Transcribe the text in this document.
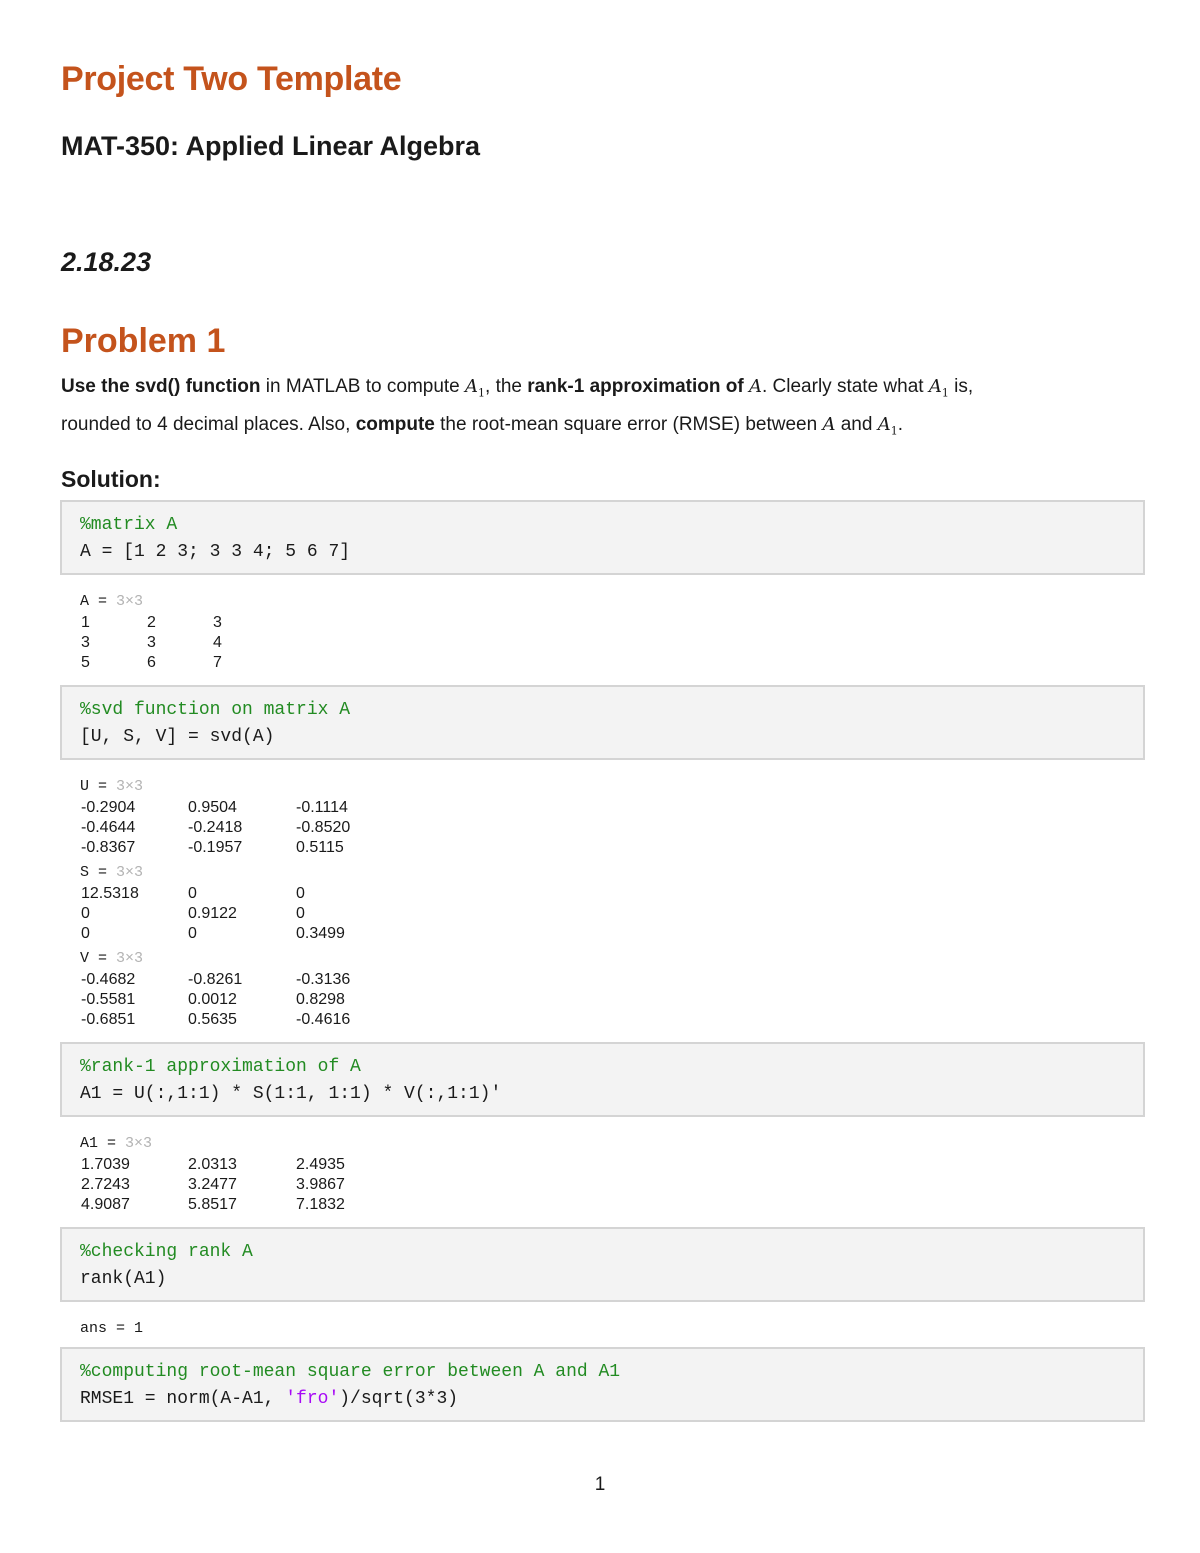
Project Two Template
MAT-350: Applied Linear Algebra
2.18.23
Problem 1

Use the svd() function in MATLAB to compute $A_1$, the rank-1 approximation of A. Clearly state what $A_1$ is,

rounded to 4 decimal places. Also, compute the root-mean square error (RMSE) between A and $A_1$.

Solution:
%matrix A
A = [1 2 3; 3 3 4; 5 6 7]
A = 3×3
1	2	3
3	3	4
5	6	7
%svd function on matrix A
[U, S, V] = svd(A)
U = 3×3
-0.2904	0.9504	-0.1114
-0.4644	-0.2418	-0.8520
-0.8367	-0.1957	0.5115
S = 3×3
12.5318	0	0
0	0.9122	0
0	0	0.3499
V = 3×3
-0.4682	-0.8261	-0.3136
-0.5581	0.0012	0.8298
-0.6851	0.5635	-0.4616
%rank-1 approximation of A
A1 = U(:,1:1) * S(1:1, 1:1) * V(:,1:1)'
A1 = 3×3
1.7039	2.0313	2.4935
2.7243	3.2477	3.9867
4.9087	5.8517	7.1832
%checking rank A
rank(A1)
ans = 1
%computing root-mean square error between A and A1
RMSE1 = norm(A-A1, 'fro')/sqrt(3*3)
1
